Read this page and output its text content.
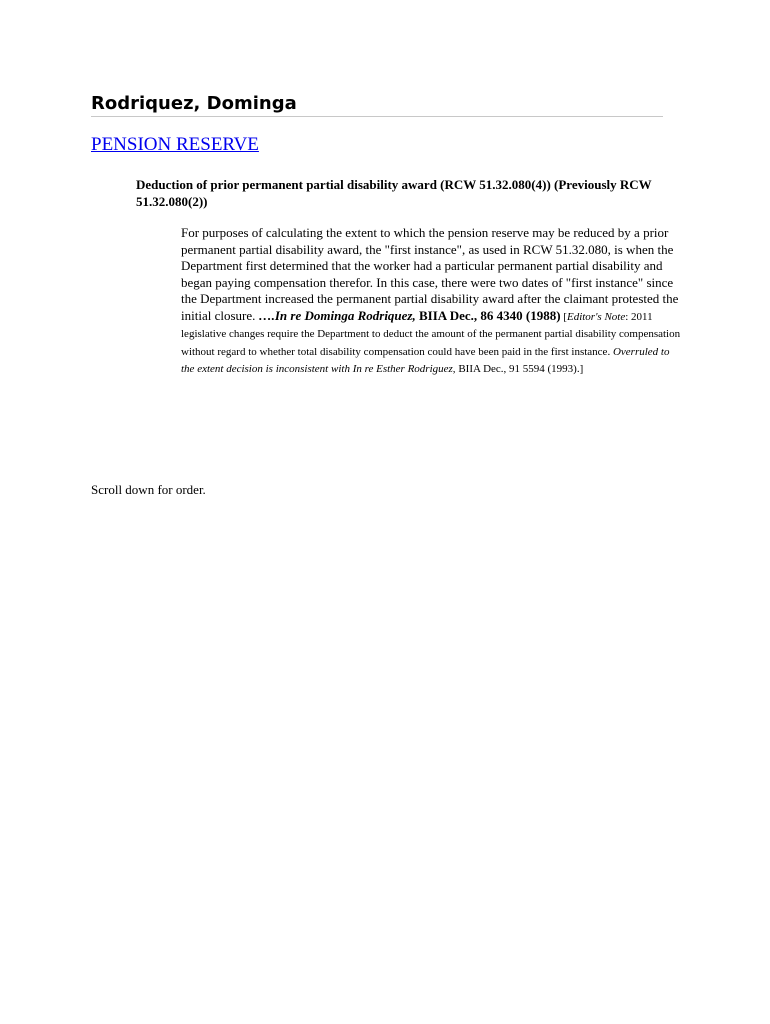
Rodriquez, Dominga
PENSION RESERVE

Deduction of prior permanent partial disability award (RCW 51.32.080(4)) (Previously RCW 51.32.080(2))

For purposes of calculating the extent to which the pension reserve may be reduced by a prior permanent partial disability award, the "first instance", as used in RCW 51.32.080, is when the Department first determined that the worker had a particular permanent partial disability and began paying compensation therefor. In this case, there were two dates of "first instance" since the Department increased the permanent partial disability award after the claimant protested the initial closure. ….In re Dominga Rodriquez, BIIA Dec., 86 4340 (1988) [Editor's Note: 2011 legislative changes require the Department to deduct the amount of the permanent partial disability compensation without regard to whether total disability compensation could have been paid in the first instance. Overruled to the extent decision is inconsistent with In re Esther Rodriguez, BIIA Dec., 91 5594 (1993).]

Scroll down for order.
